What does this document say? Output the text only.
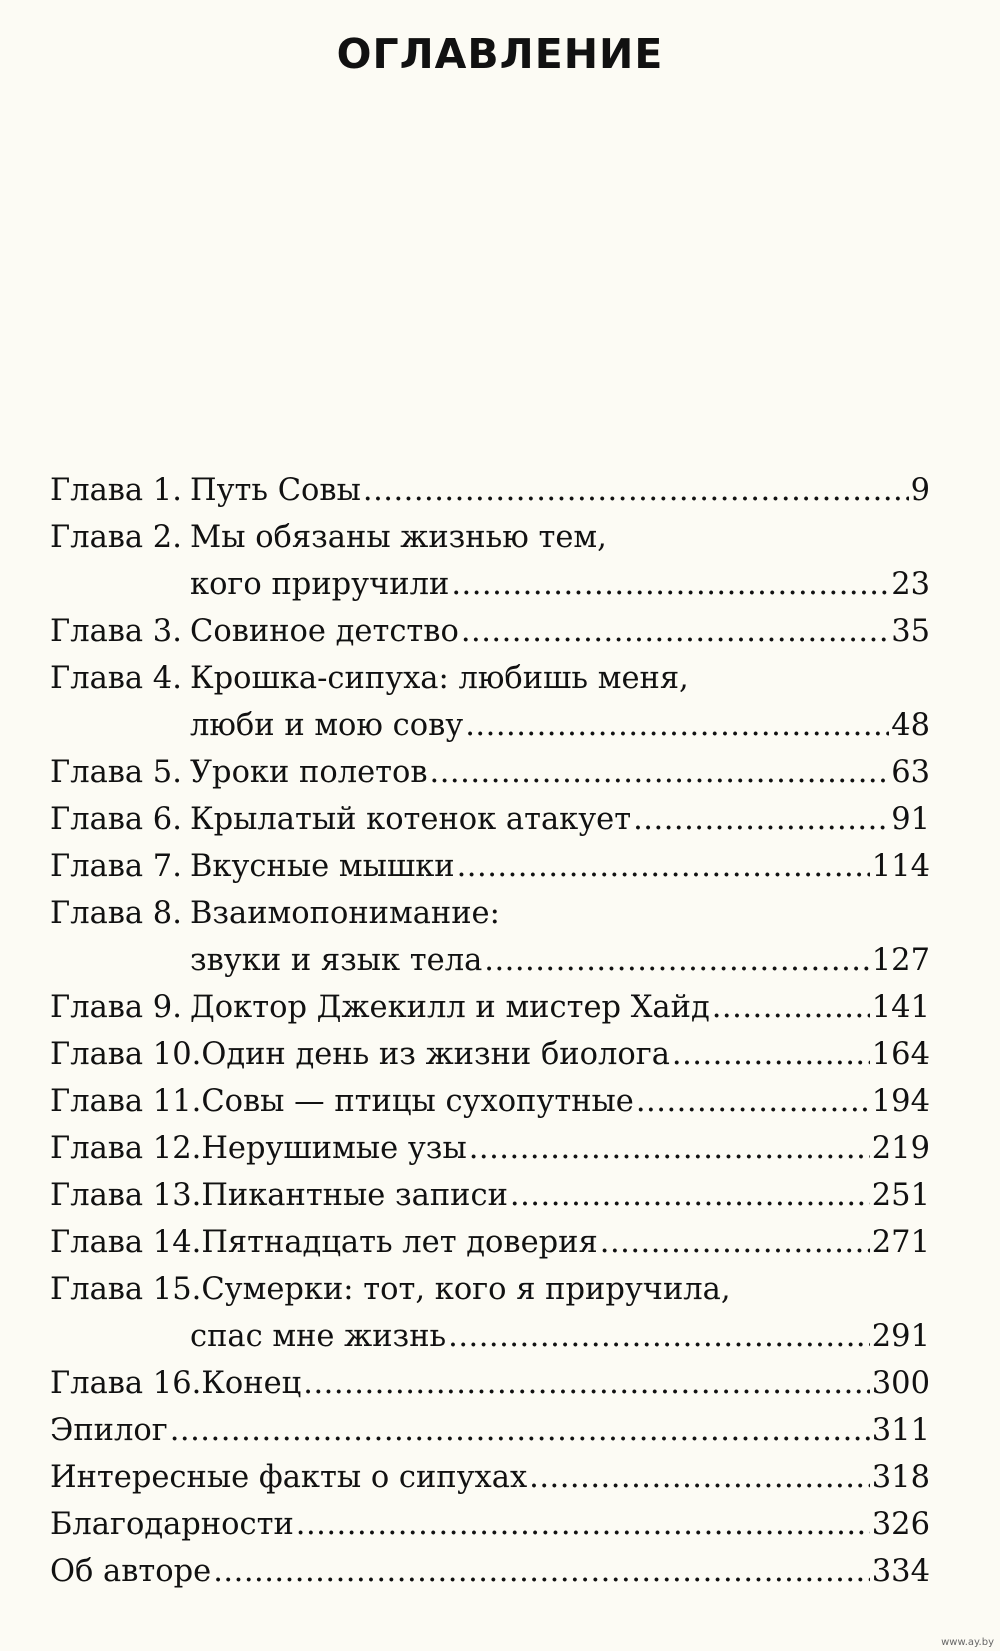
ОГЛАВЛЕНИЕ
Глава 1. Путь Совы .....	9
Глава 2. Мы обязаны жизнью тем,
кого приручили .....	23
Глава 3. Совиное детство .....	35
Глава 4. Крошка-сипуха: любишь меня,
люби и мою сову .....	48
Глава 5. Уроки полетов .....	63
Глава 6. Крылатый котенок атакует .....	91
Глава 7. Вкусные мышки .....	114
Глава 8. Взаимопонимание:
звуки и язык тела .....	127
Глава 9. Доктор Джекилл и мистер Хайд .....	141
Глава 10. Один день из жизни биолога .....	164
Глава 11. Совы — птицы сухопутные .....	194
Глава 12. Нерушимые узы .....	219
Глава 13. Пикантные записи .....	251
Глава 14. Пятнадцать лет доверия .....	271
Глава 15. Сумерки: тот, кого я приручила,
спас мне жизнь .....	291
Глава 16. Конец .....	300
Эпилог .....	311
Интересные факты о сипухах .....	318
Благодарности .....	326
Об авторе .....	334
www.ay.by
